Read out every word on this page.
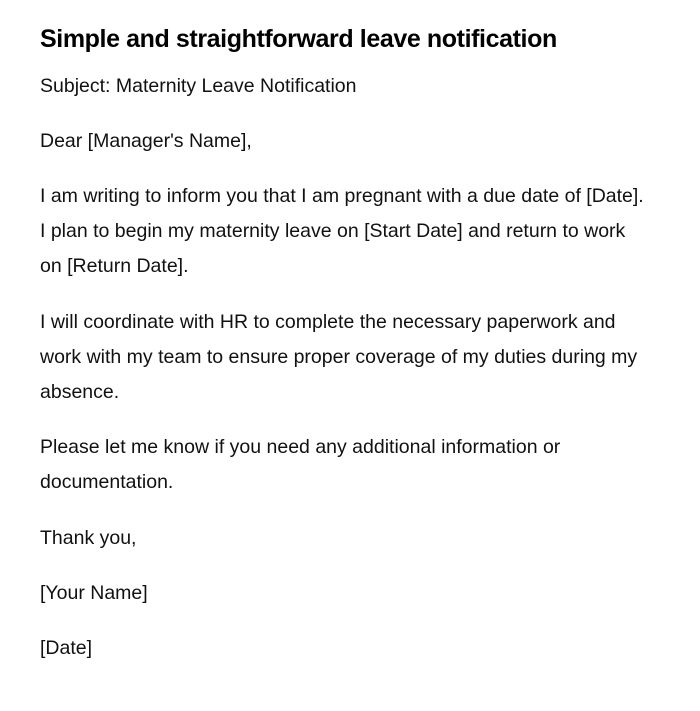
Simple and straightforward leave notification

Subject: Maternity Leave Notification

Dear [Manager's Name],

I am writing to inform you that I am pregnant with a due date of [Date]. I plan to begin my maternity leave on [Start Date] and return to work on [Return Date].

I will coordinate with HR to complete the necessary paperwork and work with my team to ensure proper coverage of my duties during my absence.

Please let me know if you need any additional information or documentation.

Thank you,

[Your Name]

[Date]
